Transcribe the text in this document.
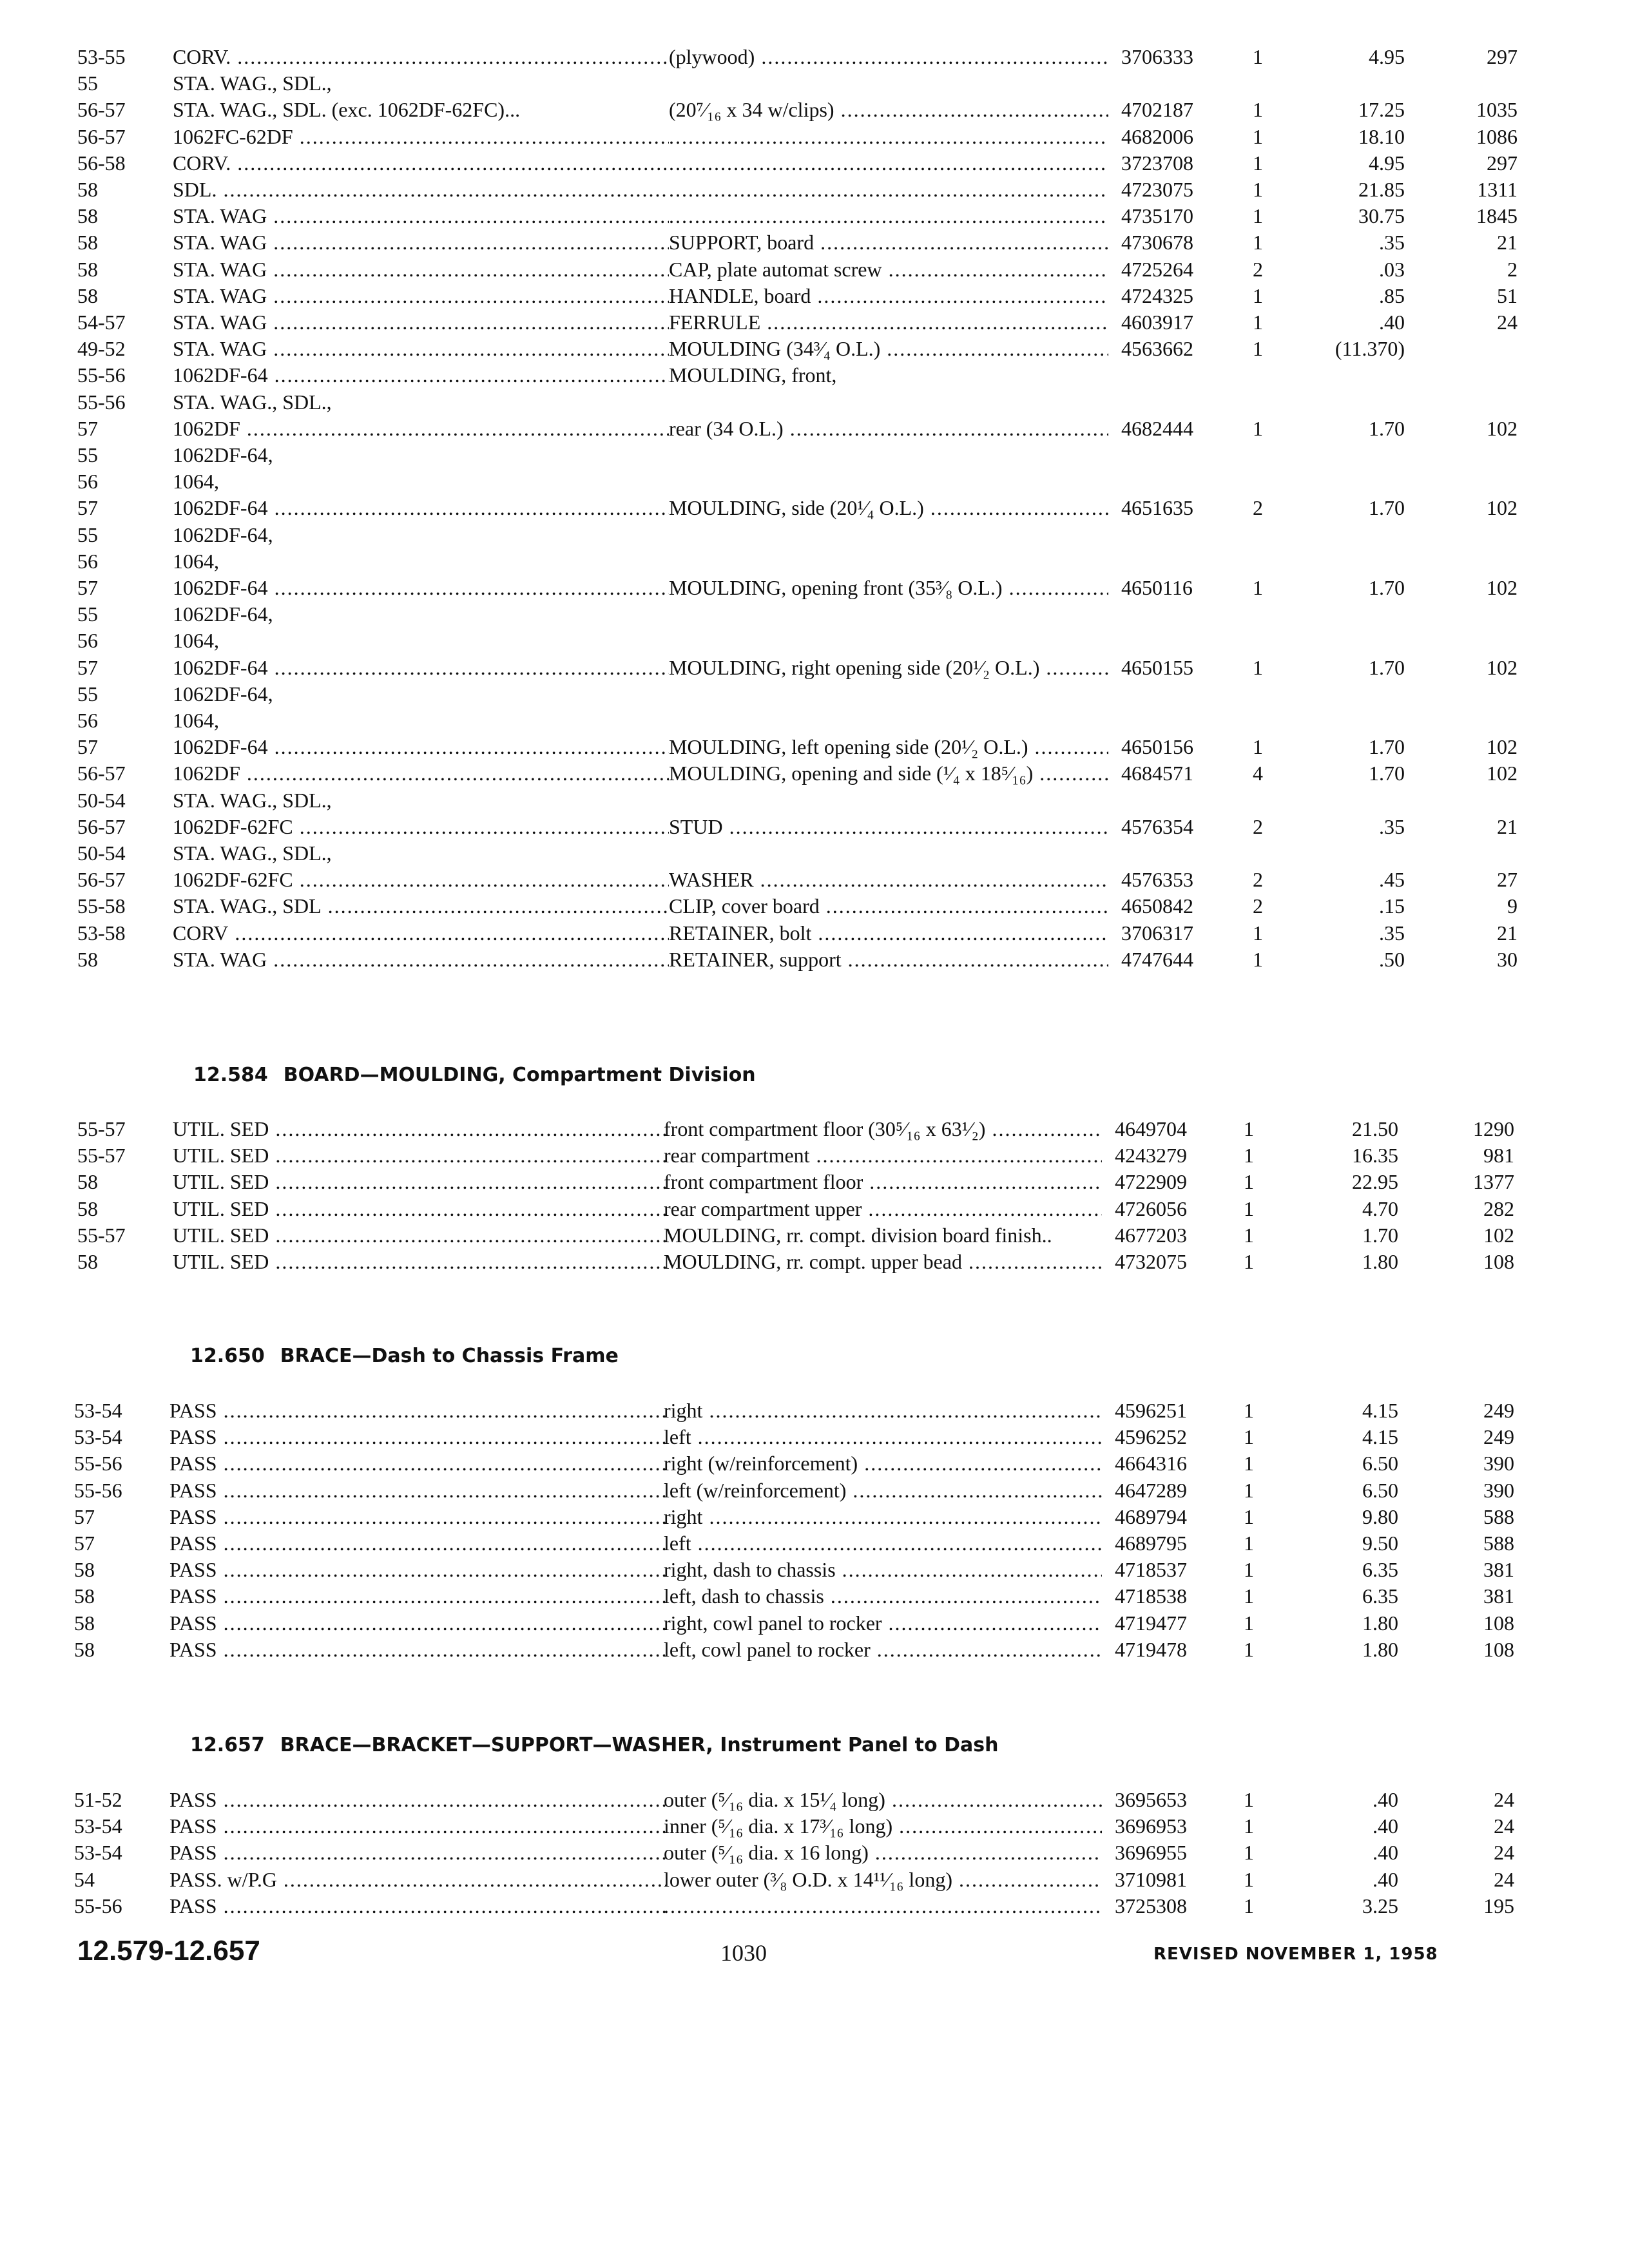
53-55	CORV. .....	(plywood) .....	3706333	1	4.95	297
55	STA. WAG., SDL.,
56-57	STA. WAG., SDL. (exc. 1062DF-62FC)...	(20⁷⁄₁₆ x 34 w/clips) .....	4702187	1	17.25	1035
56-57	1062FC-62DF ..... .....	4682006	1	18.10	1086
56-58	CORV. ..... .....	3723708	1	4.95	297
58	SDL. ..... .....	4723075	1	21.85	1311
58	STA. WAG ..... .....	4735170	1	30.75	1845
58	STA. WAG .....	SUPPORT, board .....	4730678	1	.35	21
58	STA. WAG .....	CAP, plate automat screw .....	4725264	2	.03	2
58	STA. WAG .....	HANDLE, board .....	4724325	1	.85	51
54-57	STA. WAG .....	FERRULE .....	4603917	1	.40	24
49-52	STA. WAG .....	MOULDING (34³⁄₄ O.L.) .....	4563662	1	(11.370)
55-56	1062DF-64 .....	MOULDING, front,
55-56	STA. WAG., SDL.,
57	1062DF .....	rear (34 O.L.) .....	4682444	1	1.70	102
55	1062DF-64,
56	1064,
57	1062DF-64 .....	MOULDING, side (20¹⁄₄ O.L.) .....	4651635	2	1.70	102
55	1062DF-64,
56	1064,
57	1062DF-64 .....	MOULDING, opening front (35³⁄₈ O.L.) .....	4650116	1	1.70	102
55	1062DF-64,
56	1064,
57	1062DF-64 .....	MOULDING, right opening side (20¹⁄₂ O.L.) .....	4650155	1	1.70	102
55	1062DF-64,
56	1064,
57	1062DF-64 .....	MOULDING, left opening side (20¹⁄₂ O.L.) .....	4650156	1	1.70	102
56-57	1062DF .....	MOULDING, opening and side (¹⁄₄ x 18⁵⁄₁₆) .....	4684571	4	1.70	102
50-54	STA. WAG., SDL.,
56-57	1062DF-62FC .....	STUD .....	4576354	2	.35	21
50-54	STA. WAG., SDL.,
56-57	1062DF-62FC .....	WASHER .....	4576353	2	.45	27
55-58	STA. WAG., SDL .....	CLIP, cover board .....	4650842	2	.15	9
53-58	CORV .....	RETAINER, bolt .....	3706317	1	.35	21
58	STA. WAG .....	RETAINER, support .....	4747644	1	.50	30
12.584 BOARD—MOULDING, Compartment Division
55-57	UTIL. SED .....	front compartment floor (30⁵⁄₁₆ x 63¹⁄₂) .....	4649704	1	21.50	1290
55-57	UTIL. SED .....	rear compartment .....	4243279	1	16.35	981
58	UTIL. SED .....	front compartment floor .....	4722909	1	22.95	1377
58	UTIL. SED .....	rear compartment upper .....	4726056	1	4.70	282
55-57	UTIL. SED .....	MOULDING, rr. compt. division board finish..	4677203	1	1.70	102
58	UTIL. SED .....	MOULDING, rr. compt. upper bead .....	4732075	1	1.80	108
12.650 BRACE—Dash to Chassis Frame
53-54	PASS .....	right .....	4596251	1	4.15	249
53-54	PASS .....	left .....	4596252	1	4.15	249
55-56	PASS .....	right (w/reinforcement) .....	4664316	1	6.50	390
55-56	PASS .....	left (w/reinforcement) .....	4647289	1	6.50	390
57	PASS .....	right .....	4689794	1	9.80	588
57	PASS .....	left .....	4689795	1	9.50	588
58	PASS .....	right, dash to chassis .....	4718537	1	6.35	381
58	PASS .....	left, dash to chassis .....	4718538	1	6.35	381
58	PASS .....	right, cowl panel to rocker .....	4719477	1	1.80	108
58	PASS .....	left, cowl panel to rocker .....	4719478	1	1.80	108
12.657 BRACE—BRACKET—SUPPORT—WASHER, Instrument Panel to Dash
51-52	PASS .....	outer (⁵⁄₁₆ dia. x 15¹⁄₄ long) .....	3695653	1	.40	24
53-54	PASS .....	inner (⁵⁄₁₆ dia. x 17³⁄₁₆ long) .....	3696953	1	.40	24
53-54	PASS .....	outer (⁵⁄₁₆ dia. x 16 long) .....	3696955	1	.40	24
54	PASS. w/P.G .....	lower outer (³⁄₈ O.D. x 14¹¹⁄₁₆ long) .....	3710981	1	.40	24
55-56	PASS ..... .....	3725308	1	3.25	195
12.579-12.657	1030	REVISED NOVEMBER 1, 1958
